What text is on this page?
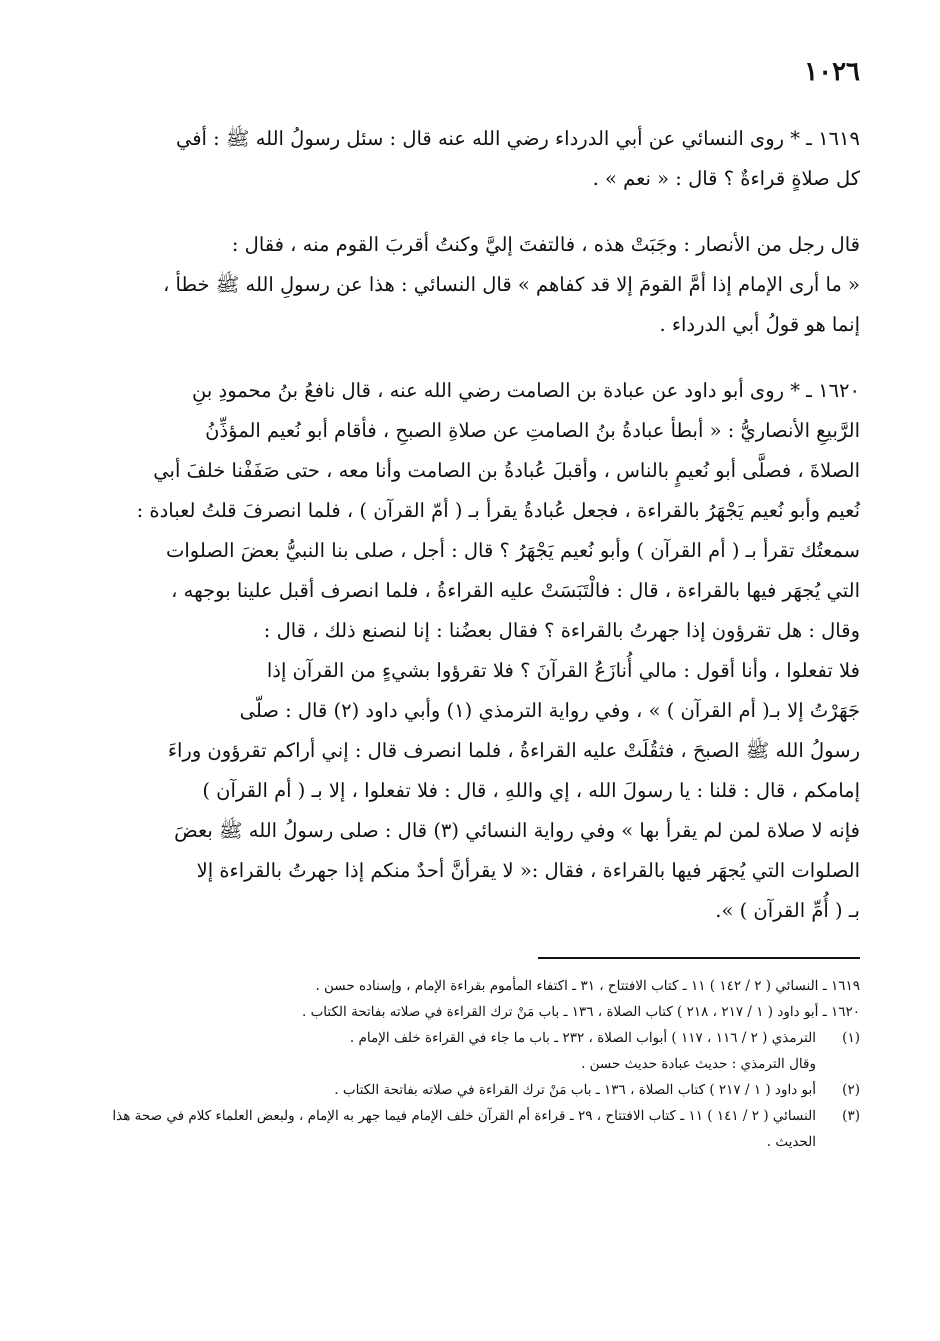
١٠٢٦
١٦١٩ ـ * روى النسائي عن أبي الدرداء رضي الله عنه قال : سئل رسولُ الله ﷺ : أفي
كل صلاةٍ قراءةٌ ؟ قال : « نعم » .
قال رجل من الأنصار : وجَبَتْ هذه ، فالتفتَ إليَّ وكنتُ أقربَ القوم منه ، فقال :
« ما أرى الإمام إذا أمَّ القومَ إلا قد كفاهم » قال النسائي : هذا عن رسولِ الله ﷺ خطأ ،
إنما هو قولُ أبي الدرداء .
١٦٢٠ ـ * روى أبو داود عن عبادة بن الصامت رضي الله عنه ، قال نافعُ بنُ محمودِ بنِ
الرَّبيعِ الأنصاريُّ : « أبطأ عبادةُ بنُ الصامتِ عن صلاةِ الصبحِ ، فأقام أبو نُعيم المؤذِّنُ
الصلاةَ ، فصلَّى أبو نُعيمٍ بالناس ، وأقبلَ عُبادةُ بن الصامت وأنا معه ، حتى صَفَفْنا خلفَ أبي
نُعيم وأبو نُعيم يَجْهَرُ بالقراءة ، فجعل عُبادةُ يقرأ بـ ( أمّ القرآن ) ، فلما انصرفَ قلتُ لعبادة :
سمعتُك تقرأ بـ ( أم القرآن ) وأبو نُعيم يَجْهَرُ ؟ قال : أجل ، صلى بنا النبيُّ بعضَ الصلوات
التي يُجهَر فيها بالقراءة ، قال : فالْتَبَسَتْ عليه القراءةُ ، فلما انصرف أقبل علينا بوجهه ،
وقال : هل تقرؤون إذا جهرتُ بالقراءة ؟ فقال بعضُنا : إنا لنصنع ذلك ، قال :
فلا تفعلوا ، وأنا أقول : مالي أُنازَعُ القرآنَ ؟ فلا تقرؤوا بشيءٍ من القرآن إذا
جَهَرْتُ إلا بـ( أم القرآن ) » ، وفي رواية الترمذي (١) وأبي داود (٢) قال : صلّى
رسولُ الله ﷺ الصبحَ ، فثقُلَتْ عليه القراءةُ ، فلما انصرف قال : إني أراكم تقرؤون وراءَ
إمامكم ، قال : قلنا : يا رسولَ الله ، إي واللهِ ، قال : فلا تفعلوا ، إلا بـ ( أم القرآن )
فإنه لا صلاة لمن لم يقرأ بها » وفي رواية النسائي (٣) قال : صلى رسولُ الله ﷺ بعضَ
الصلوات التي يُجهَر فيها بالقراءة ، فقال :« لا يقرأنَّ أحدٌ منكم إذا جهرتُ بالقراءة إلا
بـ ( أُمِّ القرآن ) ».
١٦١٩ ـ النسائي ( ٢ / ١٤٢ ) ١١ ـ كتاب الافتتاح ، ٣١ ـ اكتفاء المأموم بقراءة الإمام ، وإسناده حسن .
١٦٢٠ ـ أبو داود ( ١ / ٢١٧ ، ٢١٨ ) كتاب الصلاة ، ١٣٦ ـ باب مَنْ ترك القراءة في صلاته بفاتحة الكتاب .
(١)
الترمذي ( ٢ / ١١٦ ، ١١٧ ) أبواب الصلاة ، ٢٣٢ ـ باب ما جاء في القراءة خلف الإمام .
وقال الترمذي : حديث عبادة حديث حسن .
(٢)
أبو داود ( ١ / ٢١٧ ) كتاب الصلاة ، ١٣٦ ـ باب مَنْ ترك القراءة في صلاته بفاتحة الكتاب .
(٣)
النسائي ( ٢ / ١٤١ ) ١١ ـ كتاب الافتتاح ، ٢٩ ـ قراءة أم القرآن خلف الإمام فيما جهر به الإمام ، ولبعض العلماء كلام في صحة هذا الحديث .
